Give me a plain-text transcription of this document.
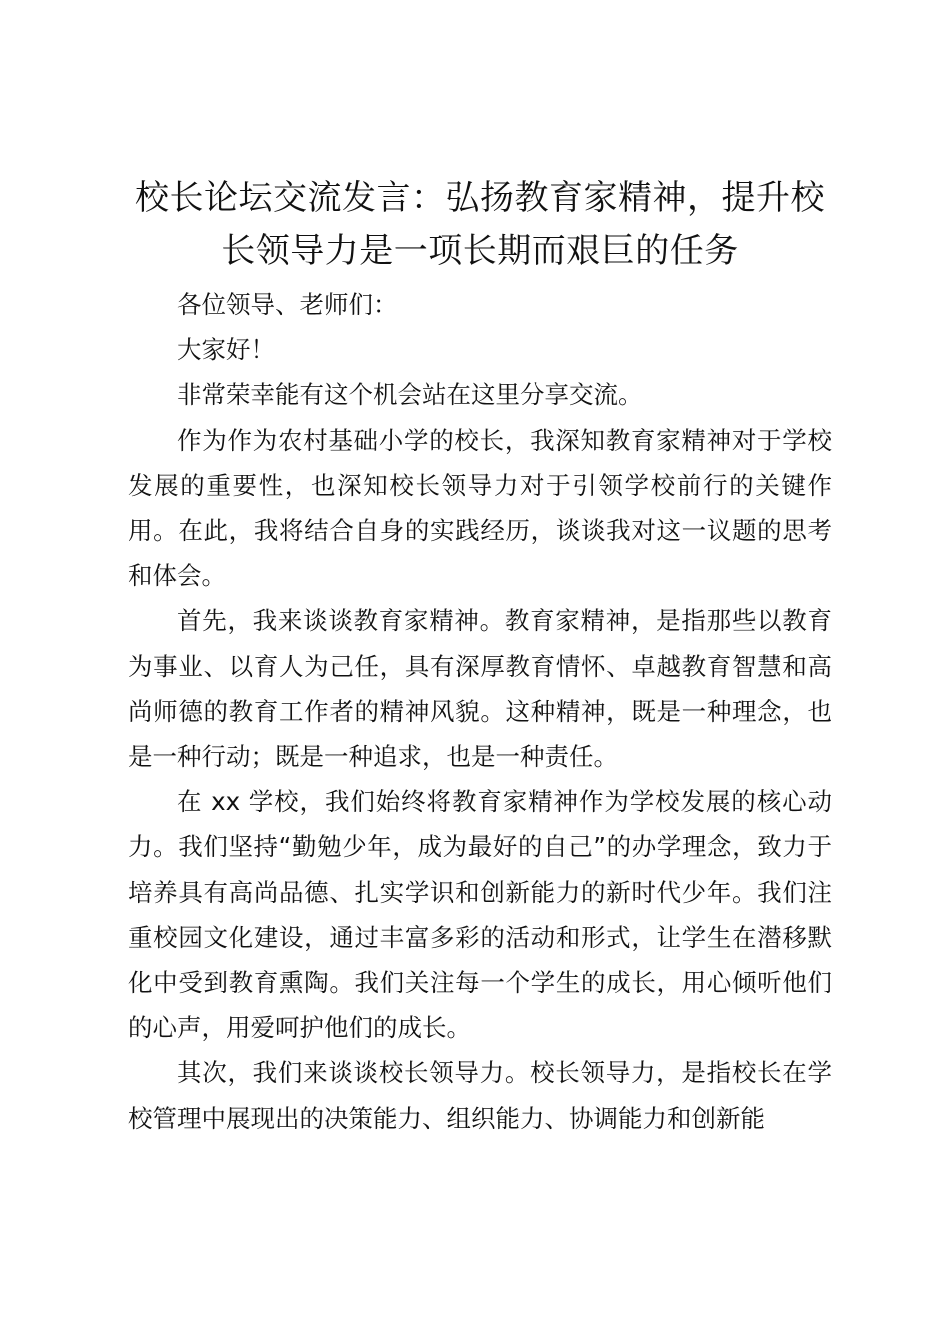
校长论坛交流发言：弘扬教育家精神，提升校长领导力是一项长期而艰巨的任务

各位领导、老师们：

大家好！

非常荣幸能有这个机会站在这里分享交流。

作为作为农村基础小学的校长，我深知教育家精神对于学校发展的重要性，也深知校长领导力对于引领学校前行的关键作用。在此，我将结合自身的实践经历，谈谈我对这一议题的思考和体会。

首先，我来谈谈教育家精神。教育家精神，是指那些以教育为事业、以育人为己任，具有深厚教育情怀、卓越教育智慧和高尚师德的教育工作者的精神风貌。这种精神，既是一种理念，也是一种行动；既是一种追求，也是一种责任。

在 xx 学校，我们始终将教育家精神作为学校发展的核心动力。我们坚持“勤勉少年，成为最好的自己”的办学理念，致力于培养具有高尚品德、扎实学识和创新能力的新时代少年。我们注重校园文化建设，通过丰富多彩的活动和形式，让学生在潜移默化中受到教育熏陶。我们关注每一个学生的成长，用心倾听他们的心声，用爱呵护他们的成长。

其次，我们来谈谈校长领导力。校长领导力，是指校长在学校管理中展现出的决策能力、组织能力、协调能力和创新能
